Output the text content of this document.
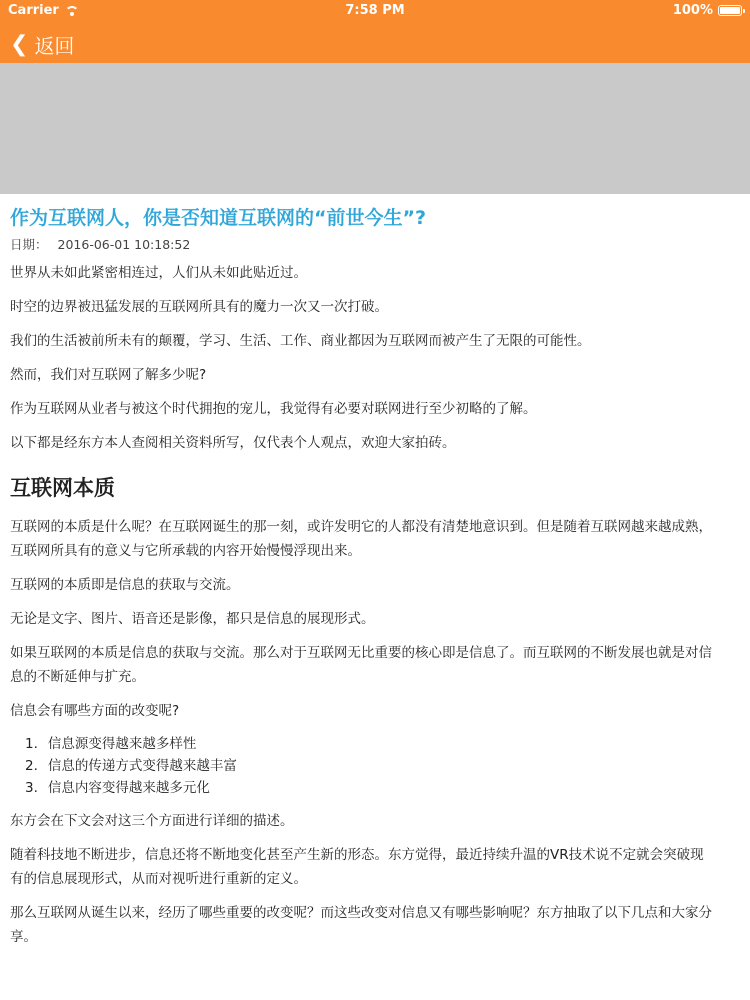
Carrier	7:58 PM	100%
❮ 返回
作为互联网人，你是否知道互联网的“前世今生”?
日期： 2016-06-01 10:18:52

世界从未如此紧密相连过，人们从未如此贴近过。

时空的边界被迅猛发展的互联网所具有的魔力一次又一次打破。

我们的生活被前所未有的颠覆，学习、生活、工作、商业都因为互联网而被产生了无限的可能性。

然而，我们对互联网了解多少呢?

作为互联网从业者与被这个时代拥抱的宠儿，我觉得有必要对联网进行至少初略的了解。

以下都是经东方本人查阅相关资料所写，仅代表个人观点，欢迎大家拍砖。

互联网本质

互联网的本质是什么呢？在互联网诞生的那一刻，或许发明它的人都没有清楚地意识到。但是随着互联网越来越成熟，互联网所具有的意义与它所承载的内容开始慢慢浮现出来。

互联网的本质即是信息的获取与交流。

无论是文字、图片、语音还是影像，都只是信息的展现形式。

如果互联网的本质是信息的获取与交流。那么对于互联网无比重要的核心即是信息了。而互联网的不断发展也就是对信息的不断延伸与扩充。

信息会有哪些方面的改变呢?

1. 信息源变得越来越多样性
2. 信息的传递方式变得越来越丰富
3. 信息内容变得越来越多元化

东方会在下文会对这三个方面进行详细的描述。

随着科技地不断进步，信息还将不断地变化甚至产生新的形态。东方觉得，最近持续升温的VR技术说不定就会突破现有的信息展现形式，从而对视听进行重新的定义。

那么互联网从诞生以来，经历了哪些重要的改变呢？而这些改变对信息又有哪些影响呢？东方抽取了以下几点和大家分享。
